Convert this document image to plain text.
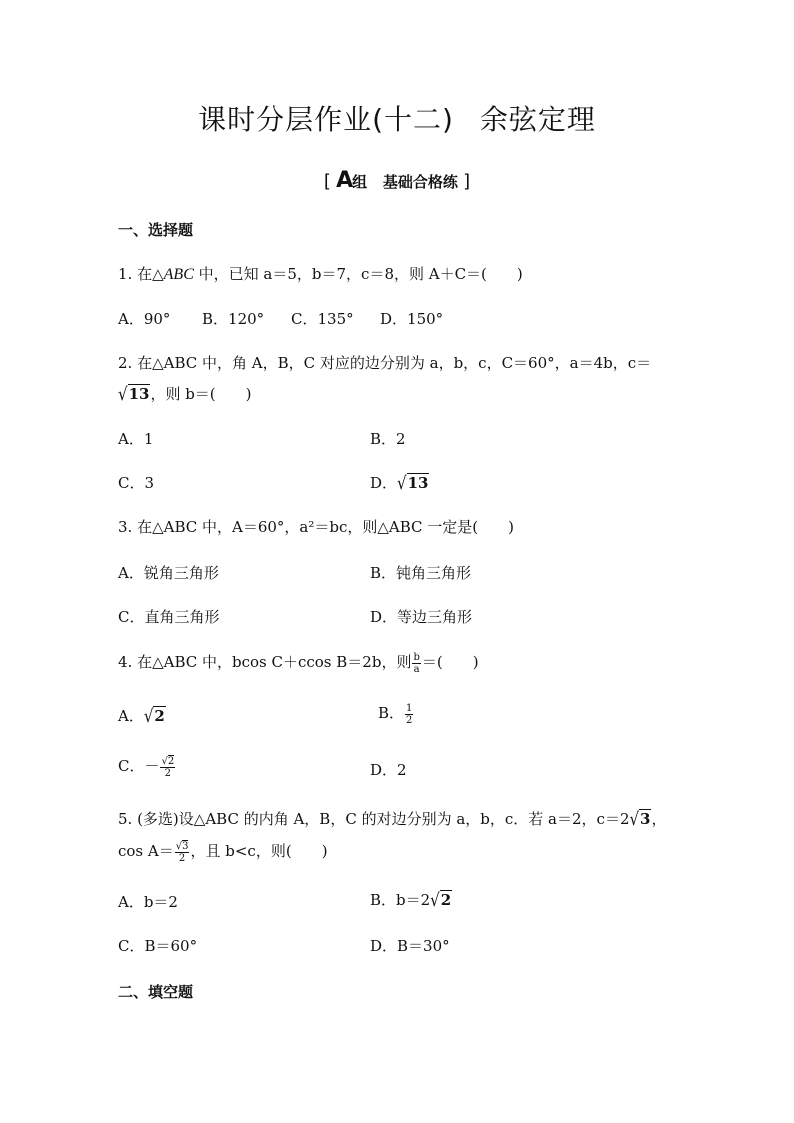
课时分层作业(十二) 余弦定理
[ A组 基础合格练 ]
一、选择题
1. 在△ABC 中，已知 a＝5，b＝7，c＝8，则 A＋C＝( )
A．90° B．120° C．135° D．150°
2. 在△ABC 中，角 A，B，C 对应的边分别为 a，b，c，C＝60°，a＝4b，c＝
√13，则 b＝( )
A．1	B．2
C．3	D．√13
3. 在△ABC 中，A＝60°，a²＝bc，则△ABC 一定是( )
A．锐角三角形	B．钝角三角形
C．直角三角形	D．等边三角形
4. 在△ABC 中，bcos C＋ccos B＝2b，则 $\frac{b}{a}$ ＝( )
A．√2	B． $\frac{1}{2}$
C．－ $\frac{√2}{2}$	D．2
5. (多选)设△ABC 的内角 A，B，C 的对边分别为 a，b，c．若 a＝2，c＝2√3，
$\cos A= \frac{√3}{2}$ ，且 b<c，则( )
A．b＝2	B．b＝2√2
C．B＝60°	D．B＝30°
二、填空题
